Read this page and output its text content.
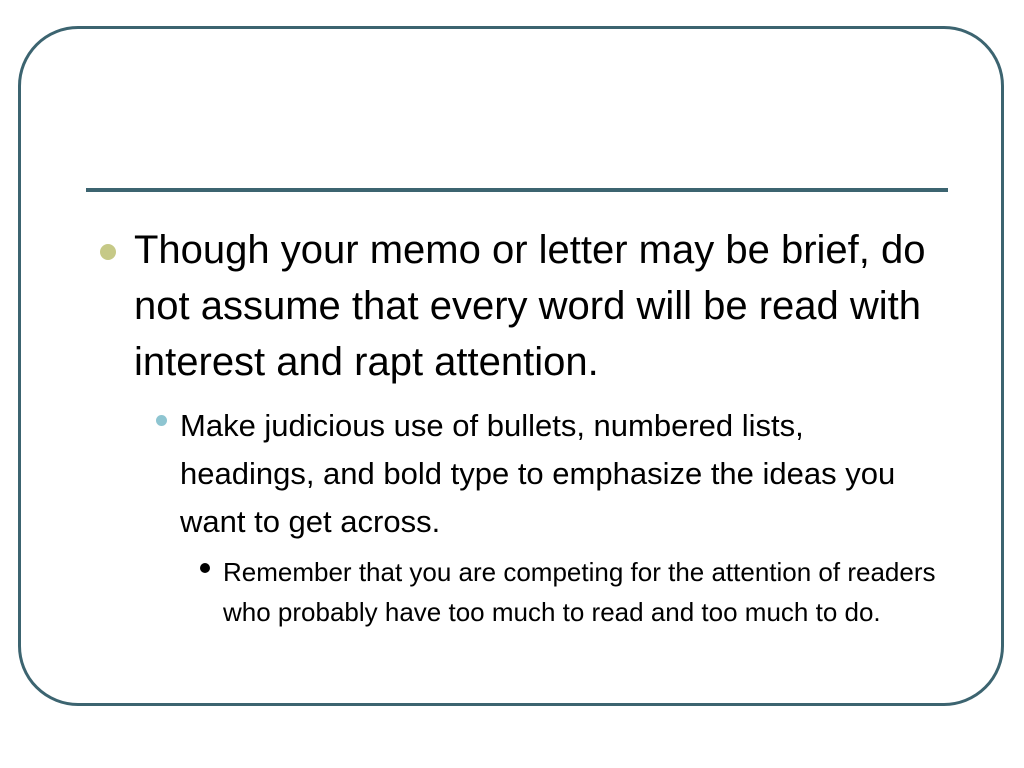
Though your memo or letter may be brief, do not assume that every word will be read with interest and rapt attention.
Make judicious use of bullets, numbered lists, headings, and bold type to emphasize the ideas you want to get across.
Remember that you are competing for the attention of readers who probably have too much to read and too much to do.
